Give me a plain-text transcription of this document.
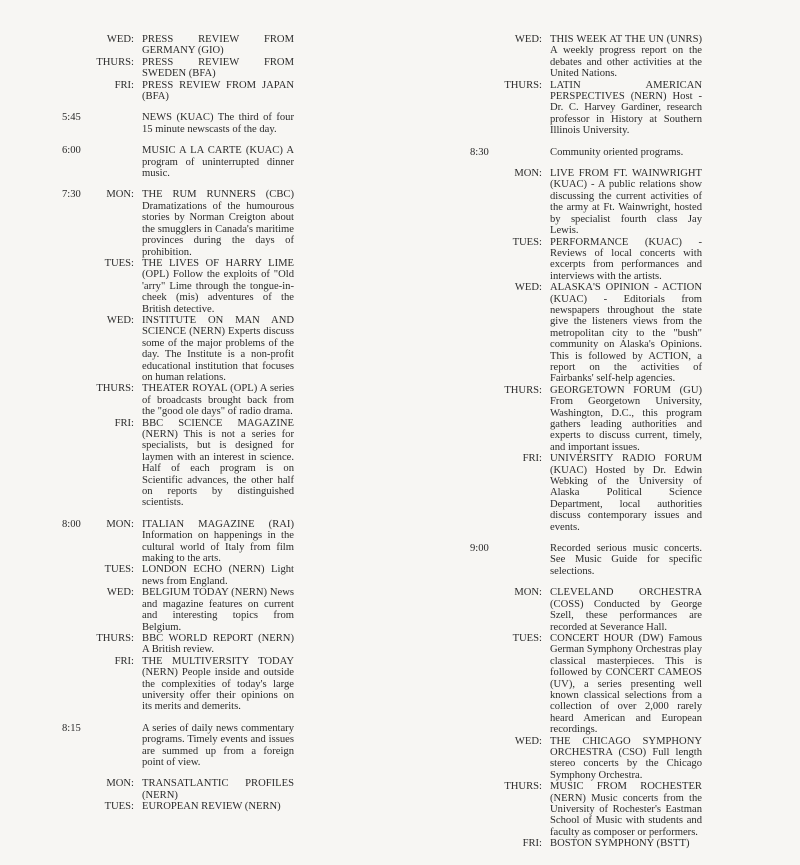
WED: PRESS REVIEW FROM GERMANY (GIO)
THURS: PRESS REVIEW FROM SWEDEN (BFA)
FRI: PRESS REVIEW FROM JAPAN (BFA)
5:45	NEWS (KUAC) The third of four 15 minute newscasts of the day.
6:00	MUSIC A LA CARTE (KUAC) A program of uninterrupted dinner music.
7:30	MON: THE RUM RUNNERS (CBC) Dramatizations of the humourous stories by Norman Creigton about the smugglers in Canada's maritime provinces during the days of prohibition.
TUES: THE LIVES OF HARRY LIME (OPL) Follow the exploits of "Old 'arry" Lime through the tongue-in-cheek (mis) adventures of the British detective.
WED: INSTITUTE ON MAN AND SCIENCE (NERN) Experts discuss some of the major problems of the day. The Institute is a non-profit educational institution that focuses on human relations.
THURS: THEATER ROYAL (OPL) A series of broadcasts brought back from the "good ole days" of radio drama.
FRI: BBC SCIENCE MAGAZINE (NERN) This is not a series for specialists, but is designed for laymen with an interest in science. Half of each program is on Scientific advances, the other half on reports by distinguished scientists.
8:00	MON: ITALIAN MAGAZINE (RAI) Information on happenings in the cultural world of Italy from film making to the arts.
TUES: LONDON ECHO (NERN) Light news from England.
WED: BELGIUM TODAY (NERN) News and magazine features on current and interesting topics from Belgium.
THURS: BBC WORLD REPORT (NERN) A British review.
FRI: THE MULTIVERSITY TODAY (NERN) People inside and outside the complexities of today's large university offer their opinions on its merits and demerits.
8:15	A series of daily news commentary programs. Timely events and issues are summed up from a foreign point of view.
MON: TRANSATLANTIC PROFILES (NERN)
TUES: EUROPEAN REVIEW (NERN)
WED: THIS WEEK AT THE UN (UNRS) A weekly progress report on the debates and other activities at the United Nations.
THURS: LATIN AMERICAN PERSPECTIVES (NERN) Host - Dr. C. Harvey Gardiner, research professor in History at Southern Illinois University.
8:30	Community oriented programs.
MON: LIVE FROM FT. WAINWRIGHT (KUAC) - A public relations show discussing the current activities of the army at Ft. Wainwright, hosted by specialist fourth class Jay Lewis.
TUES: PERFORMANCE (KUAC) - Reviews of local concerts with excerpts from performances and interviews with the artists.
WED: ALASKA'S OPINION - ACTION (KUAC) - Editorials from newspapers throughout the state give the listeners views from the metropolitan city to the "bush" community on Alaska's Opinions. This is followed by ACTION, a report on the activities of Fairbanks' self-help agencies.
THURS: GEORGETOWN FORUM (GU) From Georgetown University, Washington, D.C., this program gathers leading authorities and experts to discuss current, timely, and important issues.
FRI: UNIVERSITY RADIO FORUM (KUAC) Hosted by Dr. Edwin Webking of the University of Alaska Political Science Department, local authorities discuss contemporary issues and events.
9:00	Recorded serious music concerts. See Music Guide for specific selections.
MON: CLEVELAND ORCHESTRA (COSS) Conducted by George Szell, these performances are recorded at Severance Hall.
TUES: CONCERT HOUR (DW) Famous German Symphony Orchestras play classical masterpieces. This is followed by CONCERT CAMEOS (UV), a series presenting well known classical selections from a collection of over 2,000 rarely heard American and European recordings.
WED: THE CHICAGO SYMPHONY ORCHESTRA (CSO) Full length stereo concerts by the Chicago Symphony Orchestra.
THURS: MUSIC FROM ROCHESTER (NERN) Music concerts from the University of Rochester's Eastman School of Music with students and faculty as composer or performers.
FRI: BOSTON SYMPHONY (BSTT)
